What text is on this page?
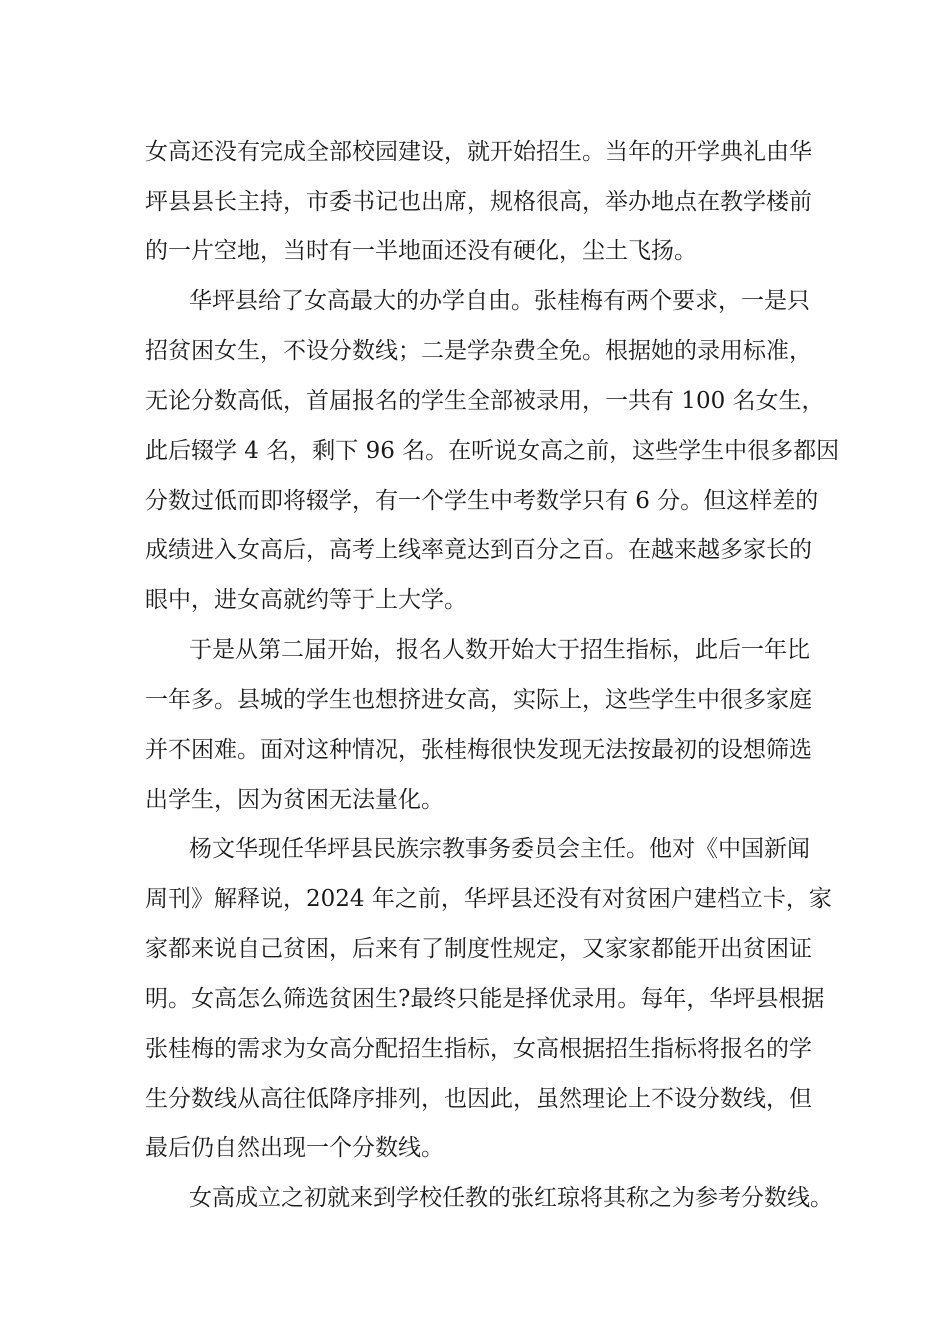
女高还没有完成全部校园建设，就开始招生。当年的开学典礼由华

坪县县长主持，市委书记也出席，规格很高，举办地点在教学楼前

的一片空地，当时有一半地面还没有硬化，尘土飞扬。

华坪县给了女高最大的办学自由。张桂梅有两个要求，一是只

招贫困女生，不设分数线；二是学杂费全免。根据她的录用标准，

无论分数高低，首届报名的学生全部被录用，一共有 100 名女生，

此后辍学 4 名，剩下 96 名。在听说女高之前，这些学生中很多都因

分数过低而即将辍学，有一个学生中考数学只有 6 分。但这样差的

成绩进入女高后，高考上线率竟达到百分之百。在越来越多家长的

眼中，进女高就约等于上大学。

于是从第二届开始，报名人数开始大于招生指标，此后一年比

一年多。县城的学生也想挤进女高，实际上，这些学生中很多家庭

并不困难。面对这种情况，张桂梅很快发现无法按最初的设想筛选

出学生，因为贫困无法量化。

杨文华现任华坪县民族宗教事务委员会主任。他对《中国新闻

周刊》解释说，2024 年之前，华坪县还没有对贫困户建档立卡，家

家都来说自己贫困，后来有了制度性规定，又家家都能开出贫困证

明。女高怎么筛选贫困生?最终只能是择优录用。每年，华坪县根据

张桂梅的需求为女高分配招生指标，女高根据招生指标将报名的学

生分数线从高往低降序排列，也因此，虽然理论上不设分数线，但

最后仍自然出现一个分数线。

女高成立之初就来到学校任教的张红琼将其称之为参考分数线。
